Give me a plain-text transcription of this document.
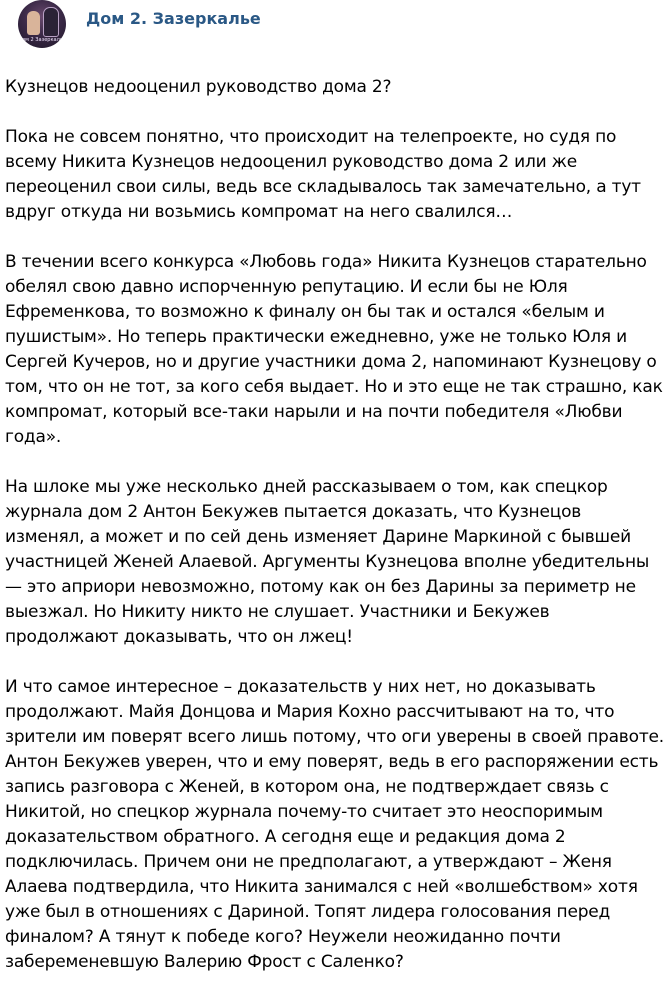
Дом 2 Зазеркалье
Дом 2. Зазеркалье

Кузнецов недооценил руководство дома 2?

Пока не совсем понятно, что происходит на телепроекте, но судя по всему Никита Кузнецов недооценил руководство дома 2 или же переоценил свои силы, ведь все складывалось так замечательно, а тут вдруг откуда ни возьмись компромат на него свалился…

В течении всего конкурса «Любовь года» Никита Кузнецов старательно обелял свою давно испорченную репутацию. И если бы не Юля Ефременкова, то возможно к финалу он бы так и остался «белым и пушистым». Но теперь практически ежедневно, уже не только Юля и Сергей Кучеров, но и другие участники дома 2, напоминают Кузнецову о том, что он не тот, за кого себя выдает. Но и это еще не так страшно, как компромат, который все-таки нарыли и на почти победителя «Любви года».

На шлоке мы уже несколько дней рассказываем о том, как спецкор журнала дом 2 Антон Бекужев пытается доказать, что Кузнецов изменял, а может и по сей день изменяет Дарине Маркиной с бывшей участницей Женей Алаевой. Аргументы Кузнецова вполне убедительны — это априори невозможно, потому как он без Дарины за периметр не выезжал. Но Никиту никто не слушает. Участники и Бекужев продолжают доказывать, что он лжец!

И что самое интересное – доказательств у них нет, но доказывать продолжают. Майя Донцова и Мария Кохно рассчитывают на то, что зрители им поверят всего лишь потому, что оги уверены в своей правоте. Антон Бекужев уверен, что и ему поверят, ведь в его распоряжении есть запись разговора с Женей, в котором она, не подтверждает связь с Никитой, но спецкор журнала почему-то считает это неоспоримым доказательством обратного. А сегодня еще и редакция дома 2 подключилась. Причем они не предполагают, а утверждают – Женя Алаева подтвердила, что Никита занимался с ней «волшебством» хотя уже был в отношениях с Дариной. Топят лидера голосования перед финалом? А тянут к победе кого? Неужели неожиданно почти забеременевшую Валерию Фрост с Саленко?
